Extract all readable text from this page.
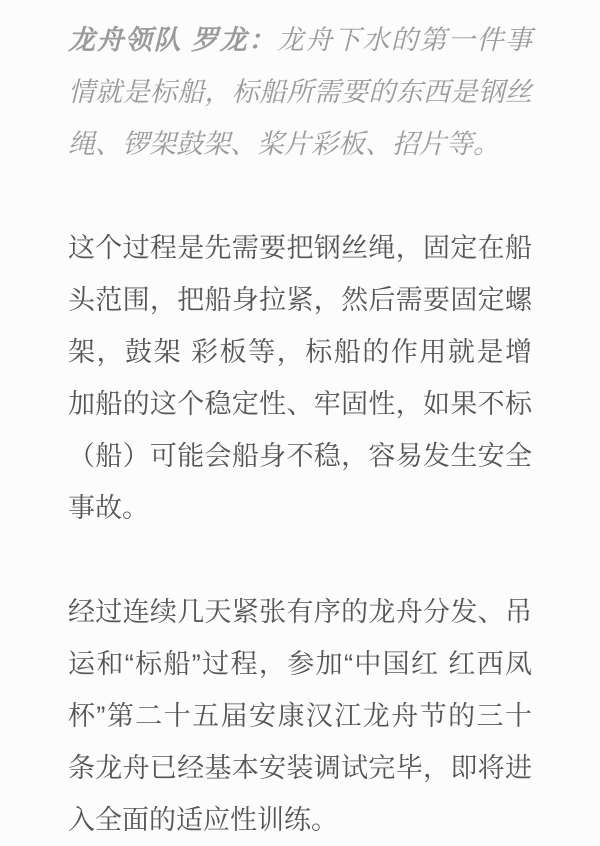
龙舟领队 罗龙：龙舟下水的第一件事情就是标船，标船所需要的东西是钢丝绳、锣架鼓架、桨片彩板、招片等。

这个过程是先需要把钢丝绳，固定在船头范围，把船身拉紧，然后需要固定螺架，鼓架 彩板等，标船的作用就是增加船的这个稳定性、牢固性，如果不标（船）可能会船身不稳，容易发生安全事故。

经过连续几天紧张有序的龙舟分发、吊运和“标船”过程，参加“中国红 红西凤杯”第二十五届安康汉江龙舟节的三十条龙舟已经基本安装调试完毕，即将进入全面的适应性训练。
